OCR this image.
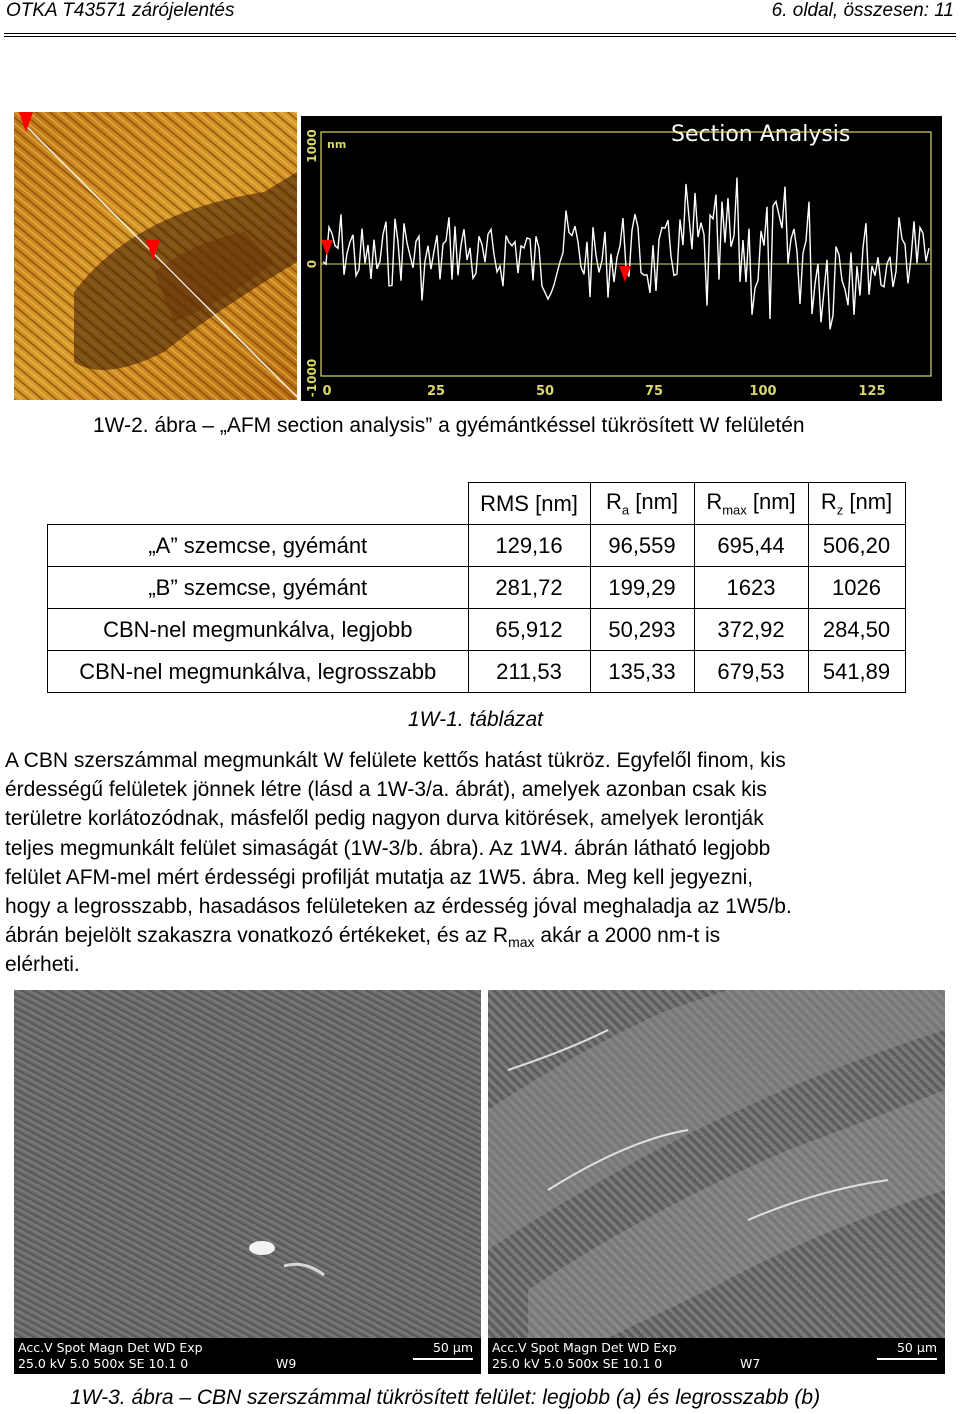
OTKA T43571 zárójelentés	6. oldal, összesen: 11
Section Analysis
nm
1000
0
-1000 0	25	50	75	100	125
1W-2. ábra – „AFM section analysis” a gyémántkéssel tükrösített W felületén
	RMS [nm]	$R_a$ [nm]	$R_{max}$ [nm]	$R_z$ [nm]
„A” szemcse, gyémánt	129,16	96,559	695,44	506,20
„B” szemcse, gyémánt	281,72	199,29	1623	1026
CBN-nel megmunkálva, legjobb	65,912	50,293	372,92	284,50
CBN-nel megmunkálva, legrosszabb	211,53	135,33	679,53	541,89
1W-1. táblázat
A CBN szerszámmal megmunkált W felülete kettős hatást tükröz. Egyfelől finom, kis
érdességű felületek jönnek létre (lásd a 1W-3/a. ábrát), amelyek azonban csak kis
területre korlátozódnak, másfelől pedig nagyon durva kitörések, amelyek lerontják
teljes megmunkált felület simaságát (1W-3/b. ábra). Az 1W4. ábrán látható legjobb
felület AFM-mel mért érdességi profilját mutatja az 1W5. ábra. Meg kell jegyezni,
hogy a legrosszabb, hasadásos felületeken az érdesség jóval meghaladja az 1W5/b.
ábrán bejelölt szakaszra vonatkozó értékeket, és az $R_{max}$ akár a 2000 nm-t is
elérheti.
Acc.V Spot Magn Det WD Exp
25.0 kV 5.0 500x SE 10.1 0	W9
50 µm Acc.V Spot Magn Det WD Exp
25.0 kV 5.0 500x SE 10.1 0	W7
50 µm
1W-3. ábra – CBN szerszámmal tükrösített felület: legjobb (a) és legrosszabb (b)
